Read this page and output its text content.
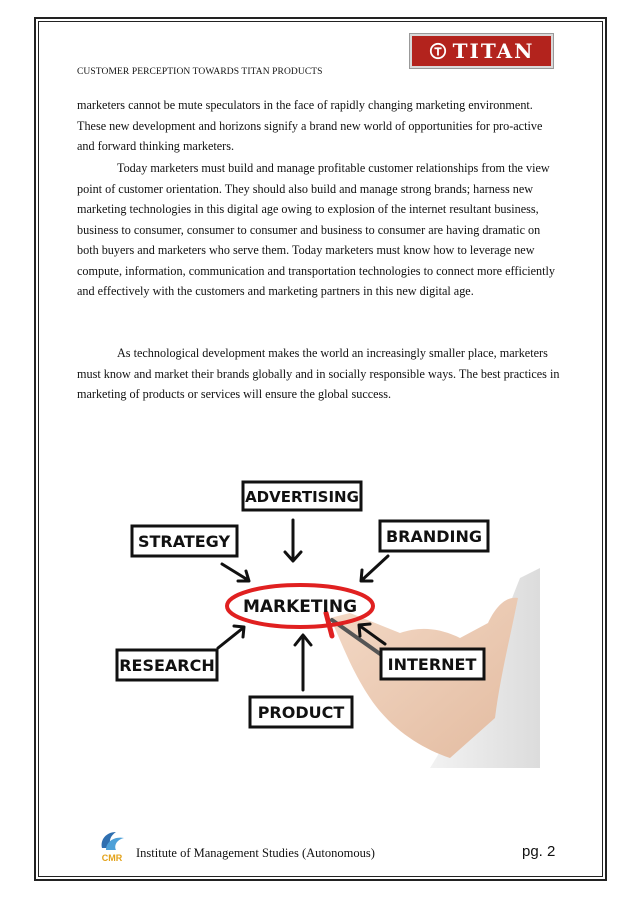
CUSTOMER PERCEPTION TOWARDS TITAN PRODUCTS
TITAN

marketers cannot be mute speculators in the face of rapidly changing marketing environment. These new development and horizons signify a brand new world of opportunities for pro-active and forward thinking marketers.

Today marketers must build and manage profitable customer relationships from the view point of customer orientation. They should also build and manage strong brands; harness new marketing technologies in this digital age owing to explosion of the internet resultant business, business to consumer, consumer to consumer and business to consumer are having dramatic on both buyers and marketers who serve them. Today marketers must know how to leverage new compute, information, communication and transportation technologies to connect more efficiently and effectively with the customers and marketing partners in this new digital age.

As technological development makes the world an increasingly smaller place, marketers must know and market their brands globally and in socially responsible ways. The best practices in marketing of products or services will ensure the global success.

ADVERTISING
STRATEGY	BRANDING
RESEARCH	INTERNET
PRODUCT
MARKETING
CMR Institute of Management Studies (Autonomous)	pg. 2
